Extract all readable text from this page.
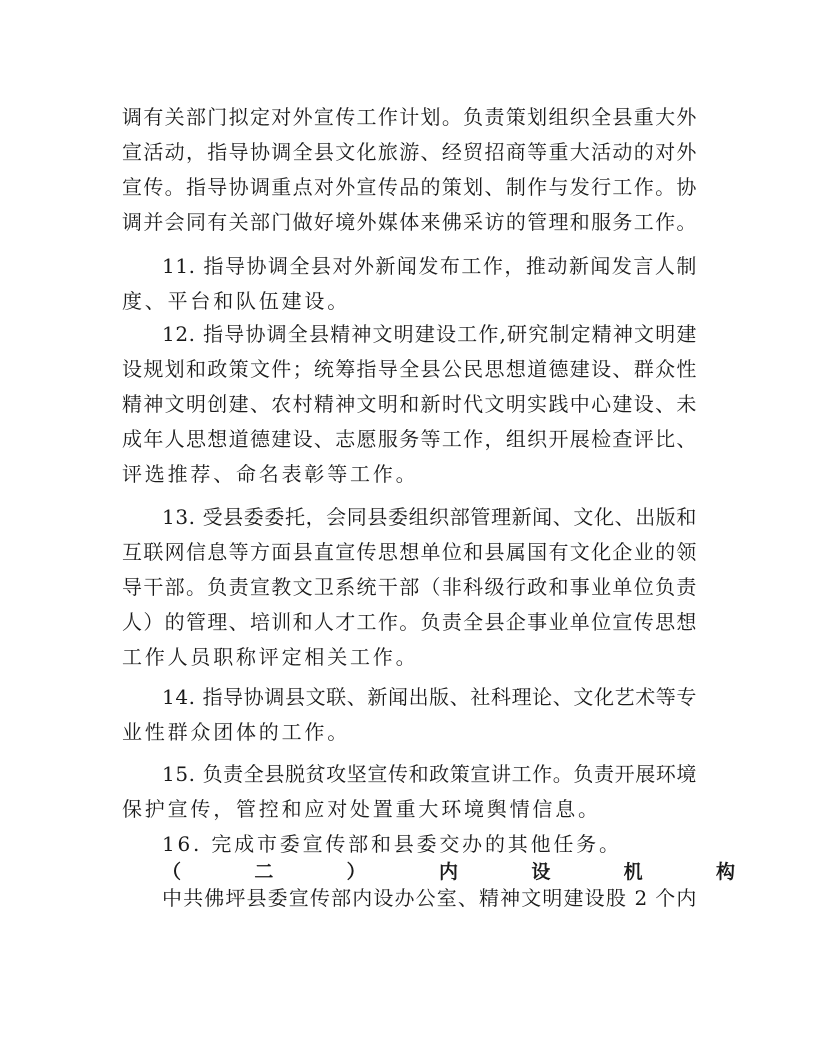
调有关部门拟定对外宣传工作计划。负责策划组织全县重大外
宣活动，指导协调全县文化旅游、经贸招商等重大活动的对外
宣传。指导协调重点对外宣传品的策划、制作与发行工作。协
调并会同有关部门做好境外媒体来佛采访的管理和服务工作。
11. 指导协调全县对外新闻发布工作，推动新闻发言人制
度、平台和队伍建设。
12. 指导协调全县精神文明建设工作,研究制定精神文明建
设规划和政策文件；统筹指导全县公民思想道德建设、群众性
精神文明创建、农村精神文明和新时代文明实践中心建设、未
成年人思想道德建设、志愿服务等工作，组织开展检查评比、
评选推荐、命名表彰等工作。
13. 受县委委托，会同县委组织部管理新闻、文化、出版和
互联网信息等方面县直宣传思想单位和县属国有文化企业的领
导干部。负责宣教文卫系统干部（非科级行政和事业单位负责
人）的管理、培训和人才工作。负责全县企事业单位宣传思想
工作人员职称评定相关工作。
14. 指导协调县文联、新闻出版、社科理论、文化艺术等专
业性群众团体的工作。
15. 负责全县脱贫攻坚宣传和政策宣讲工作。负责开展环境
保护宣传，管控和应对处置重大环境舆情信息。
16. 完成市委宣传部和县委交办的其他任务。
（二）内设机构
中共佛坪县委宣传部内设办公室、精神文明建设股 2 个内
